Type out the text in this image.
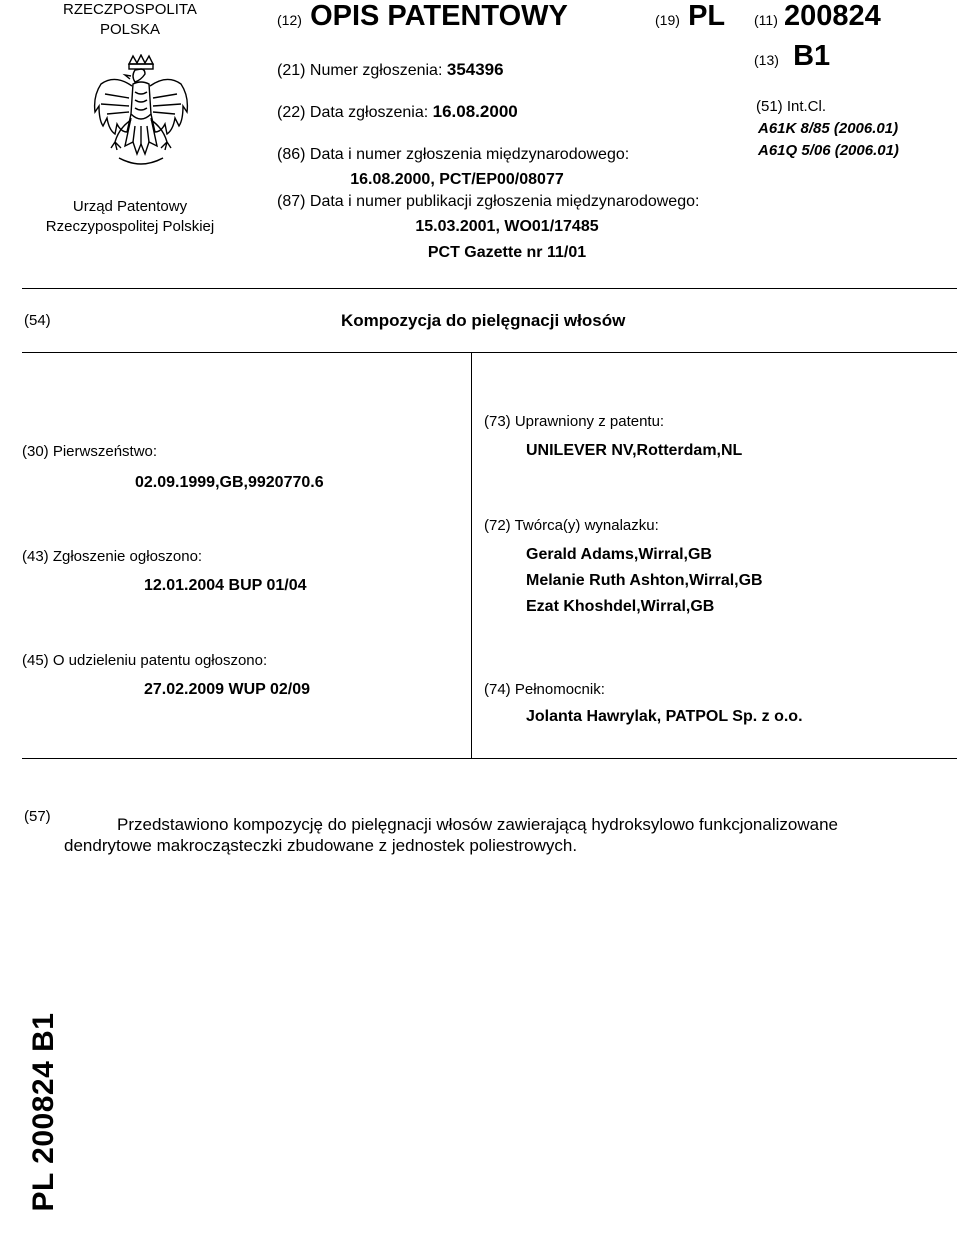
RZECZPOSPOLITA
POLSKA
Urząd Patentowy
Rzeczypospolitej Polskiej
(12) OPIS PATENTOWY	(19) PL
(21) Numer zgłoszenia: 354396
(22) Data zgłoszenia: 16.08.2000
(86) Data i numer zgłoszenia międzynarodowego:
16.08.2000, PCT/EP00/08077
(87) Data i numer publikacji zgłoszenia międzynarodowego:
15.03.2001, WO01/17485
PCT Gazette nr 11/01
(11) 200824
(13) B1
(51) Int.Cl.
A61K 8/85 (2006.01)
A61Q 5/06 (2006.01)
(54)	Kompozycja do pielęgnacji włosów
(30) Pierwszeństwo:
02.09.1999,GB,9920770.6
(43) Zgłoszenie ogłoszono:
12.01.2004 BUP 01/04
(45) O udzieleniu patentu ogłoszono:
27.02.2009 WUP 02/09
(73) Uprawniony z patentu:
UNILEVER NV,Rotterdam,NL
(72) Twórca(y) wynalazku:
Gerald Adams,Wirral,GB
Melanie Ruth Ashton,Wirral,GB
Ezat Khoshdel,Wirral,GB
(74) Pełnomocnik:
Jolanta Hawrylak, PATPOL Sp. z o.o.
(57)	Przedstawiono kompozycję do pielęgnacji włosów zawierającą hydroksylowo funkcjonalizowane
dendrytowe makrocząsteczki zbudowane z jednostek poliestrowych.
PL 200824 B1
